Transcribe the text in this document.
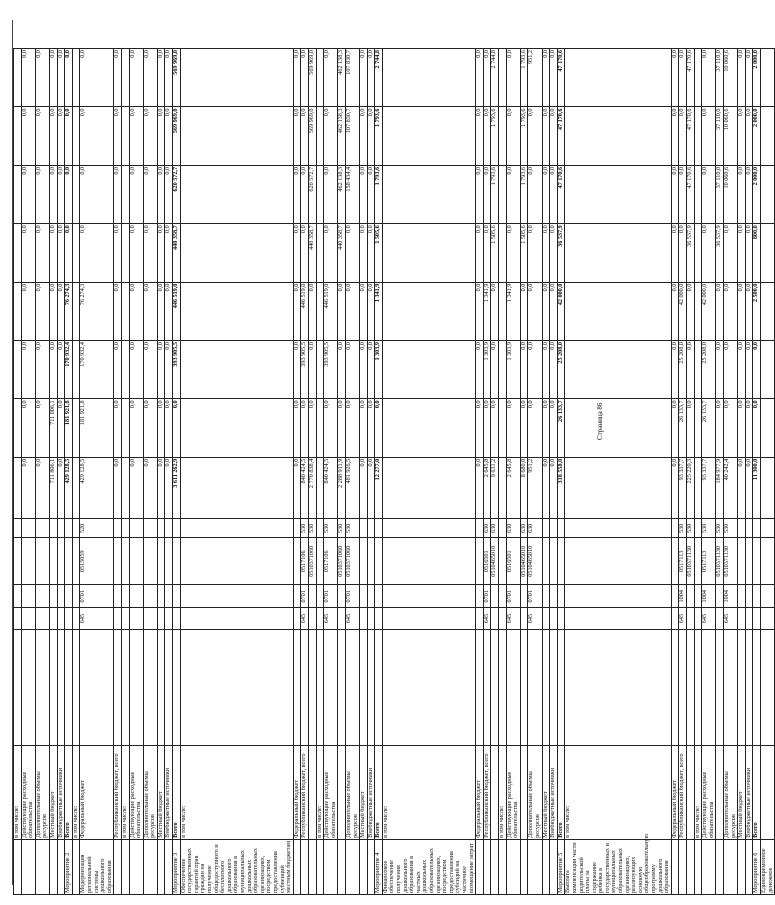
	в том числе:													
	Действующие расходные обязательства						0,0	0,0	0,0	0,0	0,0	0,0	0,0	0,0
	Дополнительные объемы ресурсов						0,0	0,0	0,0	0,0	0,0	0,0	0,0	0,0
	Местный бюджет						711 806,1	711 806,1	0,0	0,0	0,0	0,0	0,0	0,0
	Внебюджетные источники						0,0	0,0	0,0	0,0	0,0	0,0	0,0	0,0
Мероприятие 2	Всего						429 128,5	181 921,8	170 932,4	76 274,3	0,0	0,0	0,0	0,0
	в том числе:													
Модернизация региональной системы дошкольного образования	Федеральный бюджет		645	0701	0515059	520	429 128,5	181 921,8	170 932,4	76 274,3	0,0	0,0	0,0	0,0
	Республиканский бюджет, всего						0,0	0,0	0,0	0,0	0,0	0,0	0,0	0,0
	в том числе:													
	Действующие расходные обязательства						0,0	0,0	0,0	0,0	0,0	0,0	0,0	0,0
	Дополнительные объемы ресурсов						0,0	0,0	0,0	0,0	0,0	0,0	0,0	0,0
	Местный бюджет						0,0	0,0	0,0	0,0	0,0	0,0	0,0	0,0
	Внебюджетные источники						0,0	0,0	0,0	0,0	0,0	0,0	0,0	0,0
Мероприятие 3	Всего						3 611 262,9	0,0	393 905,5	446 519,0	440 358,7	620 572,7	569 969,0	569 969,0
Обеспечение государственных гарантий прав граждан на получение общедоступного и бесплатного дошкольного образования в муниципальных дошкольных образовательных организациях, посредством предоставления субвенций местным бюджетам	в том числе:													
	Федеральный бюджет						0,0	0,0	0,0	0,0	0,0	0,0	0,0	0,0
	Республиканский бюджет, всего		645	0701	0517106	530	840 424,5	0,0	393 905,5	446 519,0	0,0	0,0	0,0	0,0
					0510371060	530	2 770 838,4	0,0	0,0	0,0	440 358,7	620 572,7	569 969,0	569 969,0
	в том числе:													
	Действующие расходные обязательства		645	0701	0517106	530	840 424,5	0,0	393 905,5	446 519,0	0,0	0,0	0,0	0,0
					0510371060	530	2 288 911,9	0,0	0,0	0,0	440 358,7	462 138,3	462 138,3	462 138,3
	Дополнительные объемы ресурсов		645	0701	0510371060	530	481 926,5	0,0	0,0	0,0	0,0	158 434,4	107 830,7	107 830,7
	Местный бюджет						0,0	0,0	0,0	0,0	0,0	0,0	0,0	0,0
	Внебюджетные источники						0,0	0,0	0,0	0,0	0,0	0,0	0,0	0,0
Мероприятие 4	Всего						12 277,0	0,0	1 303,9	1 341,9	1 505,6	1 793,6	1 793,6	2 744,8
Финансовое обеспечение получения дошкольного образования в частных дошкольных образовательных организациях, посредством предоставления субсидий на частичное возмещение затрат	в том числе:													
	Федеральный бюджет						0,0	0,0	0,0	0,0	0,0	0,0	0,0	0,0
	Республиканский бюджет, всего		645	0701	0516501	630	2 645,8	0,0	1 303,9	1 341,9	0,0	0,0	0,0	0,0
					0510465010	630	9 631,2	0,0	0,0	0,0	1 505,6	1 793,6	1 793,6	2 744,8
	в том числе:													
	Действующие расходные обязательства		645	0701	0516501	630	2 645,8	0,0	1 303,9	1 341,9	0,0	0,0	0,0	0,0
					0510465010	630	8 680,0	0,0	0,0	0,0	1 505,6	1 793,6	1 793,6	1 793,6
	Дополнительные объемы ресурсов		645	0701	0510465010	630	951,2	0,0	0,0	0,0	0,0	0,0	0,0	951,2
	Местный бюджет						0,0	0,0	0,0	0,0	0,0	0,0	0,0	0,0
	Внебюджетные источники						0,0	0,0	0,0	0,0	0,0	0,0	0,0	0,0
Мероприятие 5	Всего						318 558,0	26 133,7	25 208,0	42 000,0	36 537,9	47 170,6	47 170,6	47 170,6
Выплата компенсации части родительской платы за содержание ребенка в государственных и муниципальных образовательных организациях, реализующих основную общеобразовательную программу дошкольного образования	в том числе:													
	Федеральный бюджет						0,0	0,0	0,0	0,0	0,0	0,0	0,0	0,0
	Республиканский бюджет, всего		645	1004	0517113	530	93 337,7	26 133,7	25 208,0	42 000,0	0,0	0,0	0,0	0,0
					0510371130	530	225 220,3	0,0	0,0	0,0	36 537,9	47 170,6	47 170,6	47 170,6
	в том числе:													
	Действующие расходные обязательства		645	1004	0517113	530	93 337,7	26 133,7	25 208,0	42 000,0	0,0	0,0	0,0	0,0
					0510371130	530	184 977,9	0,0	0,0	0,0	36 537,9	37 110,0	37 110,0	37 110,0
	Дополнительные объемы ресурсов		645	1004	0510371130	530	40 242,4	0,0	0,0	0,0	0,0	10 060,6	10 060,6	10 060,6
	Местный бюджет						0,0	0,0	0,0	0,0	0,0	0,0	0,0	0,0
	Внебюджетные источники						0,0	0,0	0,0	0,0	0,0	0,0	0,0	0,0
Мероприятие 6	Всего						11 300,0	0,0	0,0	2 500,0	800,0	2 000,0	2 000,0	2 000,0
Единовременное денежное														
Страница 86
